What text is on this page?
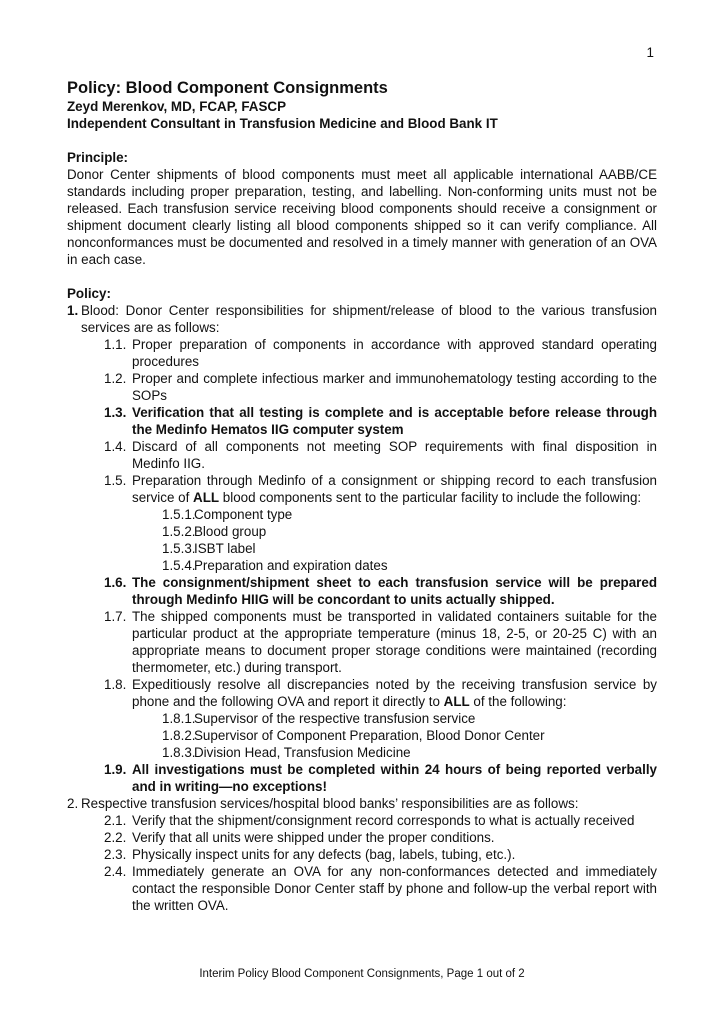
1
Policy: Blood Component Consignments
Zeyd Merenkov, MD, FCAP, FASCP
Independent Consultant in Transfusion Medicine and Blood Bank IT
Principle:

Donor Center shipments of blood components must meet all applicable international AABB/CE standards including proper preparation, testing, and labelling. Non-conforming units must not be released. Each transfusion service receiving blood components should receive a consignment or shipment document clearly listing all blood components shipped so it can verify compliance. All nonconformances must be documented and resolved in a timely manner with generation of an OVA in each case.

Policy:
1. Blood: Donor Center responsibilities for shipment/release of blood to the various transfusion services are as follows:
1.1. Proper preparation of components in accordance with approved standard operating procedures
1.2. Proper and complete infectious marker and immunohematology testing according to the SOPs
1.3. Verification that all testing is complete and is acceptable before release through the Medinfo Hematos IIG computer system
1.4. Discard of all components not meeting SOP requirements with final disposition in Medinfo IIG.
1.5. Preparation through Medinfo of a consignment or shipping record to each transfusion service of ALL blood components sent to the particular facility to include the following:
1.5.1.
Component type
1.5.2.
Blood group
1.5.3.
ISBT label
1.5.4.
Preparation and expiration dates
1.6. The consignment/shipment sheet to each transfusion service will be prepared through Medinfo HIIG will be concordant to units actually shipped.
1.7. The shipped components must be transported in validated containers suitable for the particular product at the appropriate temperature (minus 18, 2-5, or 20-25 C) with an appropriate means to document proper storage conditions were maintained (recording thermometer, etc.) during transport.
1.8. Expeditiously resolve all discrepancies noted by the receiving transfusion service by phone and the following OVA and report it directly to ALL of the following:
1.8.1.
Supervisor of the respective transfusion service
1.8.2.
Supervisor of Component Preparation, Blood Donor Center
1.8.3.
Division Head, Transfusion Medicine
1.9. All investigations must be completed within 24 hours of being reported verbally and in writing—no exceptions!
2. Respective transfusion services/hospital blood banks’ responsibilities are as follows:
2.1. Verify that the shipment/consignment record corresponds to what is actually received
2.2. Verify that all units were shipped under the proper conditions.
2.3. Physically inspect units for any defects (bag, labels, tubing, etc.).
2.4. Immediately generate an OVA for any non-conformances detected and immediately contact the responsible Donor Center staff by phone and follow-up the verbal report with the written OVA.
Interim Policy Blood Component Consignments, Page 1 out of 2
